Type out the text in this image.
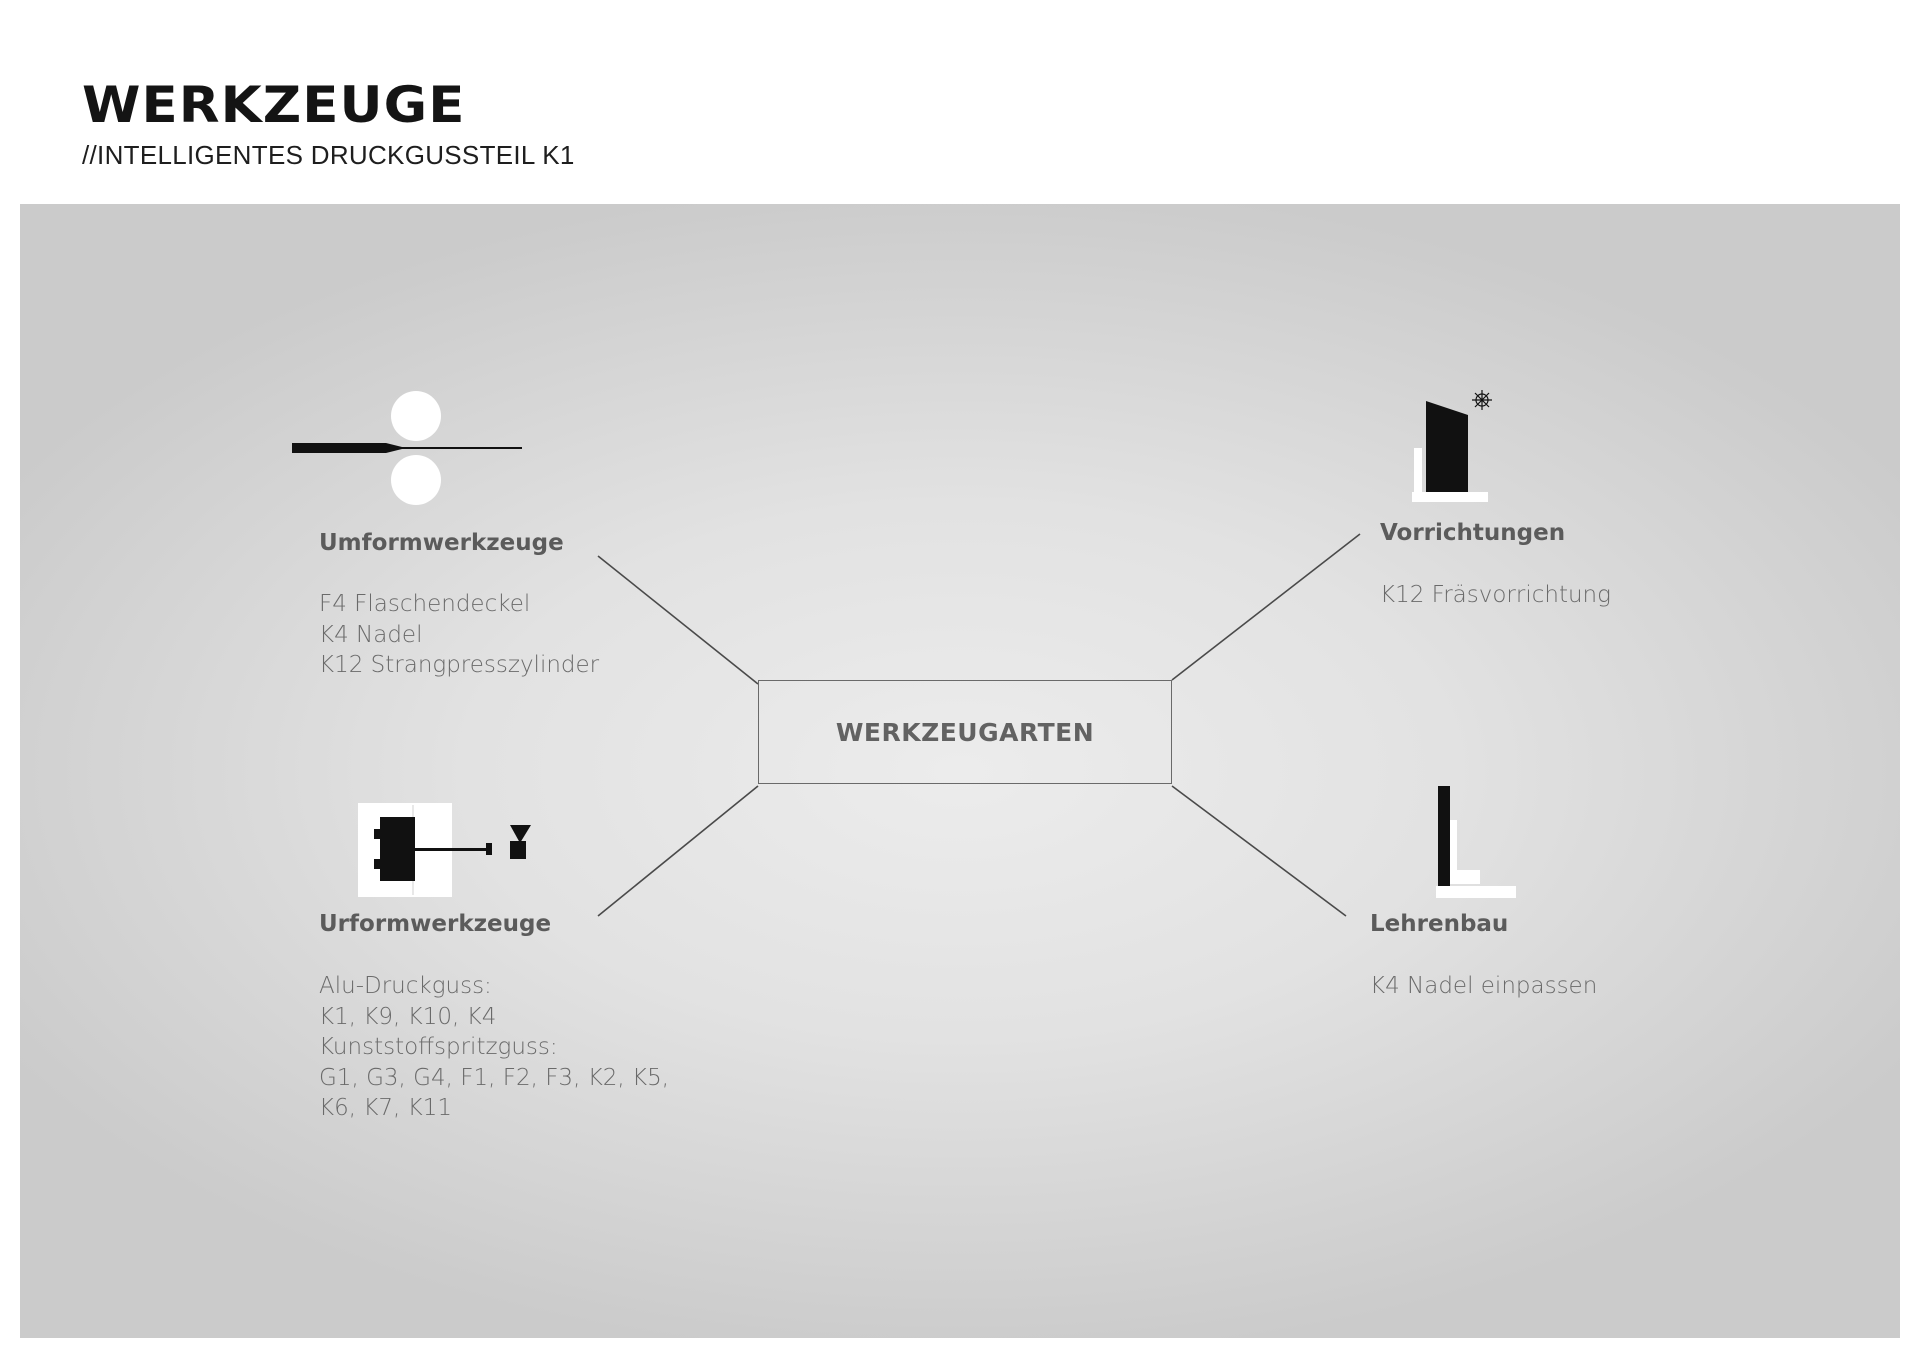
WERKZEUGE
//INTELLIGENTES DRUCKGUSSTEIL K1
WERKZEUGARTEN
Umformwerkzeuge
F4 Flaschendeckel
K4 Nadel
K12 Strangpresszylinder
Urformwerkzeuge
Alu-Druckguss:
K1, K9, K10, K4
Kunststoffspritzguss:
G1, G3, G4, F1, F2, F3, K2, K5,
K6, K7, K11
Vorrichtungen
K12 Fräsvorrichtung
Lehrenbau
K4 Nadel einpassen
